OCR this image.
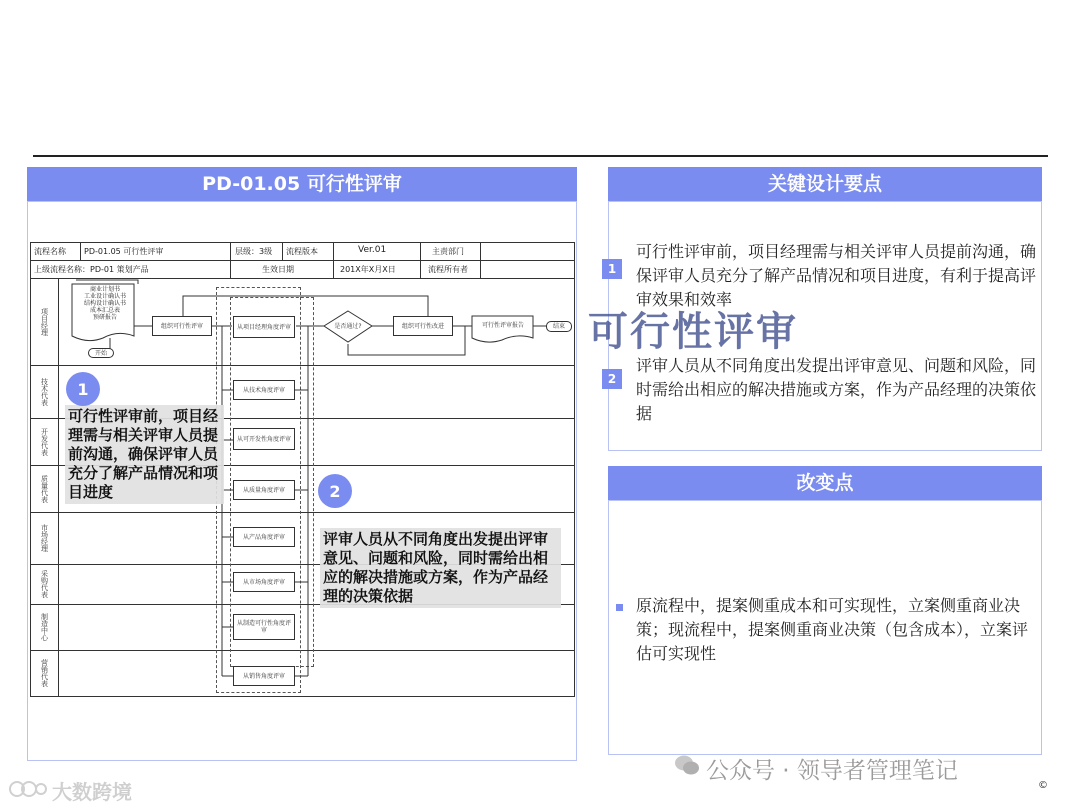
PD-01.05 可行性评审
流程名称 PD-01.05 可行性评审	层级：3级 流程版本	Ver.01	主责部门
上级流程名称：PD-01 策划产品	生效日期	201X年X月X日	流程所有者
项目经理
技术代表
开发代表
质量代表
市场经理
采购代表
制造中心
营销代表
商业计划书
工业设计确认书
结构设计确认书
成本汇总表
预研报告
开始
结束
组织可行性评审	从项目经理角度评审	是否通过?	组织可行性改进	可行性评审报告
从技术角度评审
从可开发性角度评审
从质量角度评审
从产品角度评审
从市场角度评审
从制造可行性角度评审
从销售角度评审
可行性评审前，项目经理需与相关评审人员提前沟通，确保评审人员充分了解产品情况和项目进度
1
2
评审人员从不同角度出发提出评审意见、问题和风险，同时需给出相应的解决措施或方案，作为产品经理的决策依据
关键设计要点
1
可行性评审前，项目经理需与相关评审人员提前沟通，确保评审人员充分了解产品情况和项目进度，有利于提高评审效果和效率
2
评审人员从不同角度出发提出评审意见、问题和风险，同时需给出相应的解决措施或方案，作为产品经理的决策依据
可行性评审
改变点
原流程中，提案侧重成本和可实现性，立案侧重商业决策；现流程中，提案侧重商业决策（包含成本），立案评估可实现性
公众号 · 领导者管理笔记
©
大数跨境
